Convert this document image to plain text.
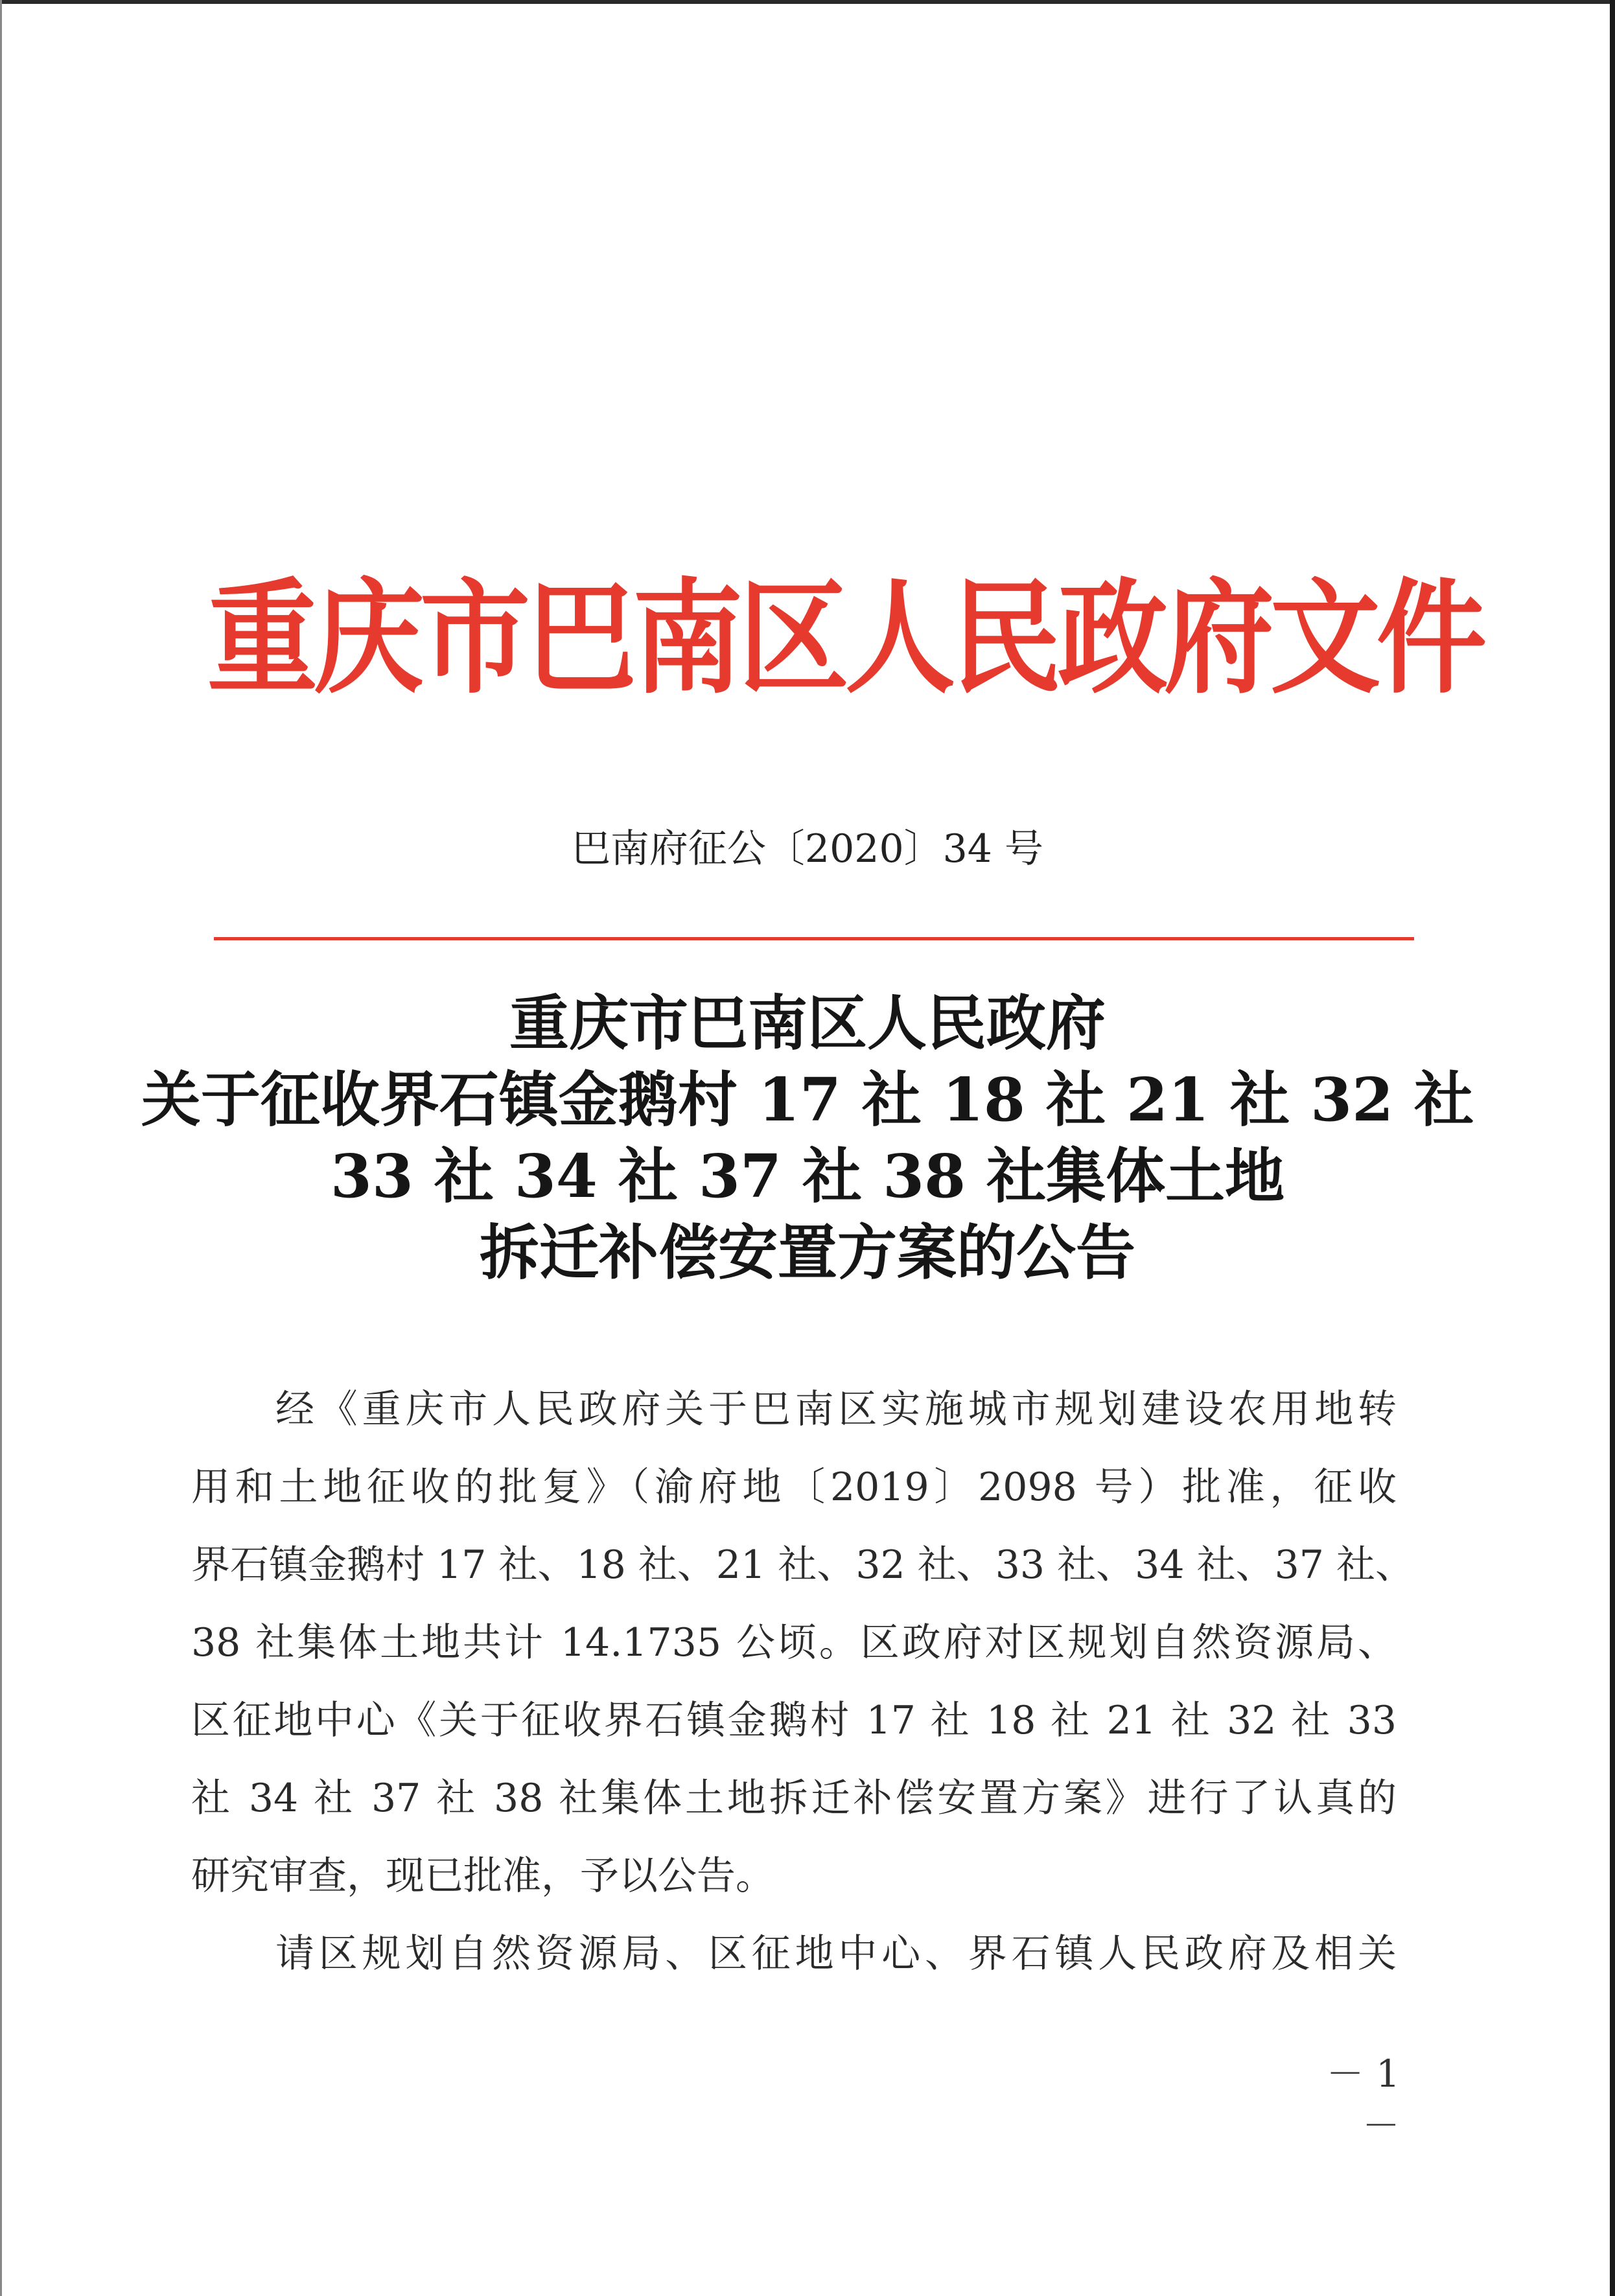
重庆市巴南区人民政府文件
巴南府征公〔2020〕34 号
重庆市巴南区人民政府
关于征收界石镇金鹅村 17 社 18 社 21 社 32 社
33 社 34 社 37 社 38 社集体土地
拆迁补偿安置方案的公告
经《重庆市人民政府关于巴南区实施城市规划建设农用地转
用和土地征收的批复》（渝府地〔2019〕2098 号）批准，征收
界石镇金鹅村 17 社、18 社、21 社、32 社、33 社、34 社、37 社、
38 社集体土地共计 14.1735 公顷。区政府对区规划自然资源局、
区征地中心《关于征收界石镇金鹅村 17 社 18 社 21 社 32 社 33
社 34 社 37 社 38 社集体土地拆迁补偿安置方案》进行了认真的
研究审查，现已批准，予以公告。
请区规划自然资源局、区征地中心、界石镇人民政府及相关
－ 1 －
